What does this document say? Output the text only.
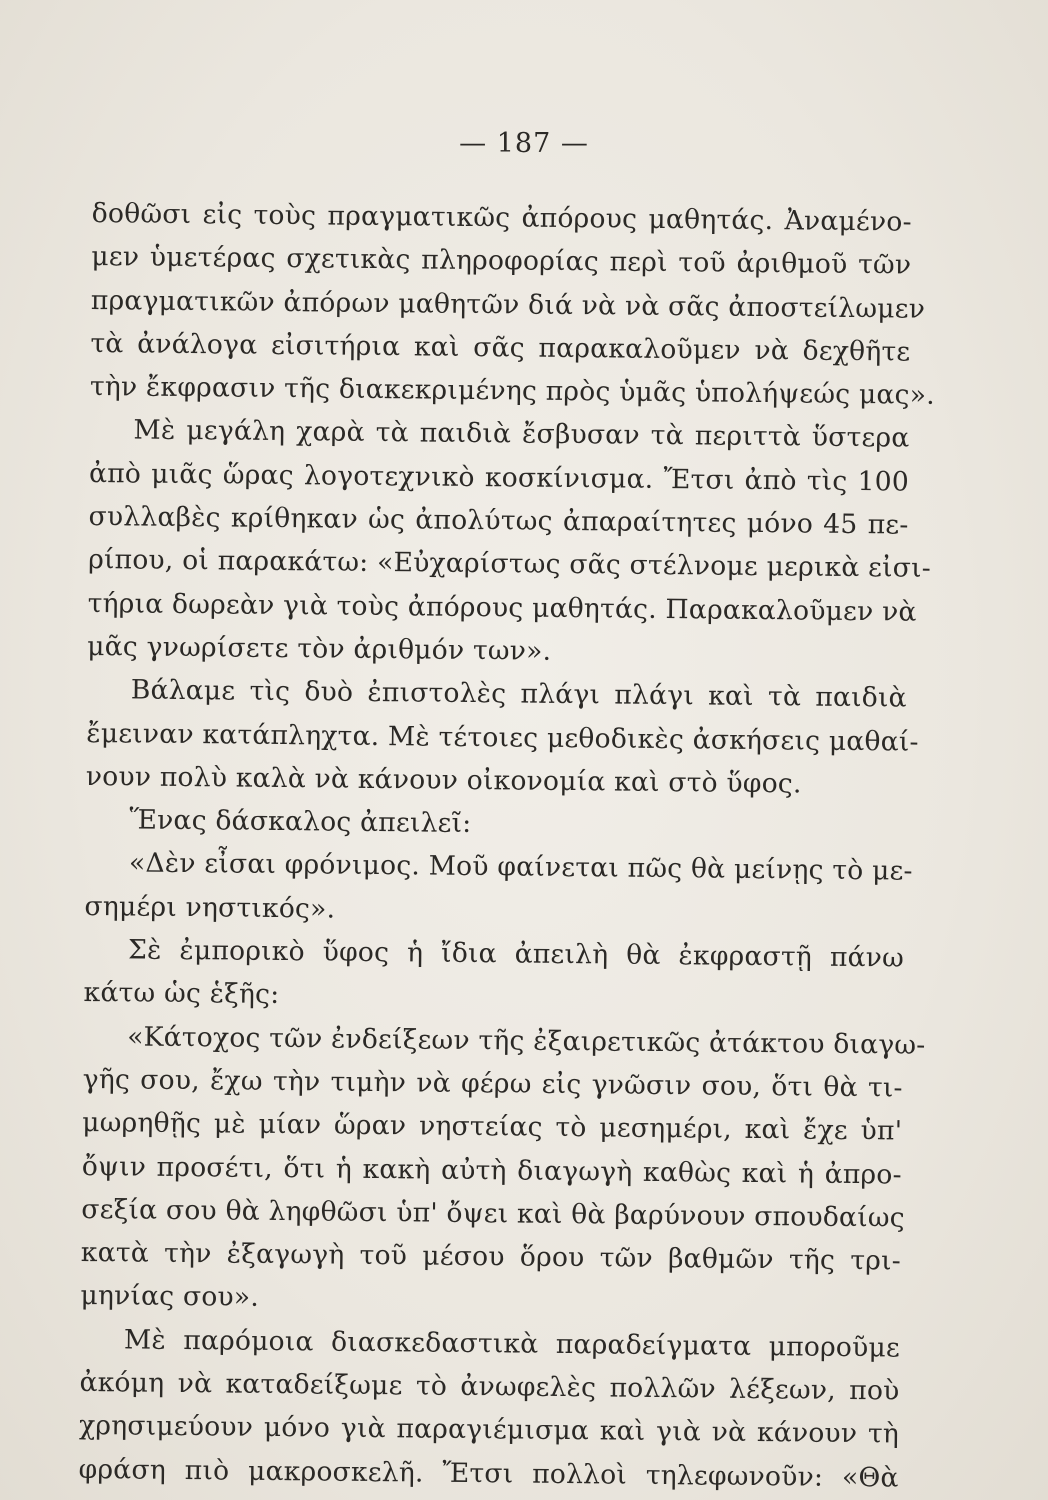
— 187 —
δοθῶσι εἰς τοὺς πραγματικῶς ἀπόρους μαθητάς. Ἀναμένο-
μεν ὑμετέρας σχετικὰς πληροφορίας περὶ τοῦ ἀριθμοῦ τῶν
πραγματικῶν ἀπόρων μαθητῶν διά νὰ νὰ σᾶς ἀποστείλωμεν
τὰ ἀνάλογα εἰσιτήρια καὶ σᾶς παρακαλοῦμεν νὰ δεχθῆτε
τὴν ἔκφρασιν τῆς διακεκριμένης πρὸς ὑμᾶς ὑπολήψεώς μας».
Μὲ μεγάλη χαρὰ τὰ παιδιὰ ἔσβυσαν τὰ περιττὰ ὕστερα
ἀπὸ μιᾶς ὥρας λογοτεχνικὸ κοσκίνισμα. Ἔτσι ἀπὸ τὶς 100
συλλαβὲς κρίθηκαν ὡς ἀπολύτως ἀπαραίτητες μόνο 45 πε-
ρίπου, οἱ παρακάτω: «Εὐχαρίστως σᾶς στέλνομε μερικὰ εἰσι-
τήρια δωρεὰν γιὰ τοὺς ἀπόρους μαθητάς. Παρακαλοῦμεν νὰ
μᾶς γνωρίσετε τὸν ἀριθμόν των».
Βάλαμε τὶς δυὸ ἐπιστολὲς πλάγι πλάγι καὶ τὰ παιδιὰ
ἔμειναν κατάπληχτα. Μὲ τέτοιες μεθοδικὲς ἀσκήσεις μαθαί-
νουν πολὺ καλὰ νὰ κάνουν οἰκονομία καὶ στὸ ὕφος.
Ἕνας δάσκαλος ἀπειλεῖ:
«Δὲν εἶσαι φρόνιμος. Μοῦ φαίνεται πῶς θὰ μείνῃς τὸ με-
σημέρι νηστικός».
Σὲ ἐμπορικὸ ὕφος ἡ ἴδια ἀπειλὴ θὰ ἐκφραστῇ πάνω
κάτω ὡς ἑξῆς:
«Κάτοχος τῶν ἐνδείξεων τῆς ἐξαιρετικῶς ἀτάκτου διαγω-
γῆς σου, ἔχω τὴν τιμὴν νὰ φέρω εἰς γνῶσιν σου, ὅτι θὰ τι-
μωρηθῇς μὲ μίαν ὥραν νηστείας τὸ μεσημέρι, καὶ ἔχε ὑπ'
ὄψιν προσέτι, ὅτι ἡ κακὴ αὐτὴ διαγωγὴ καθὼς καὶ ἡ ἀπρο-
σεξία σου θὰ ληφθῶσι ὑπ' ὄψει καὶ θὰ βαρύνουν σπουδαίως
κατὰ τὴν ἐξαγωγὴ τοῦ μέσου ὅρου τῶν βαθμῶν τῆς τρι-
μηνίας σου».
Μὲ παρόμοια διασκεδαστικὰ παραδείγματα μποροῦμε
ἀκόμη νὰ καταδείξωμε τὸ ἀνωφελὲς πολλῶν λέξεων, ποὺ
χρησιμεύουν μόνο γιὰ παραγιέμισμα καὶ γιὰ νὰ κάνουν τὴ
φράση πιὸ μακροσκελῆ. Ἔτσι πολλοὶ τηλεφωνοῦν: «Θὰ
